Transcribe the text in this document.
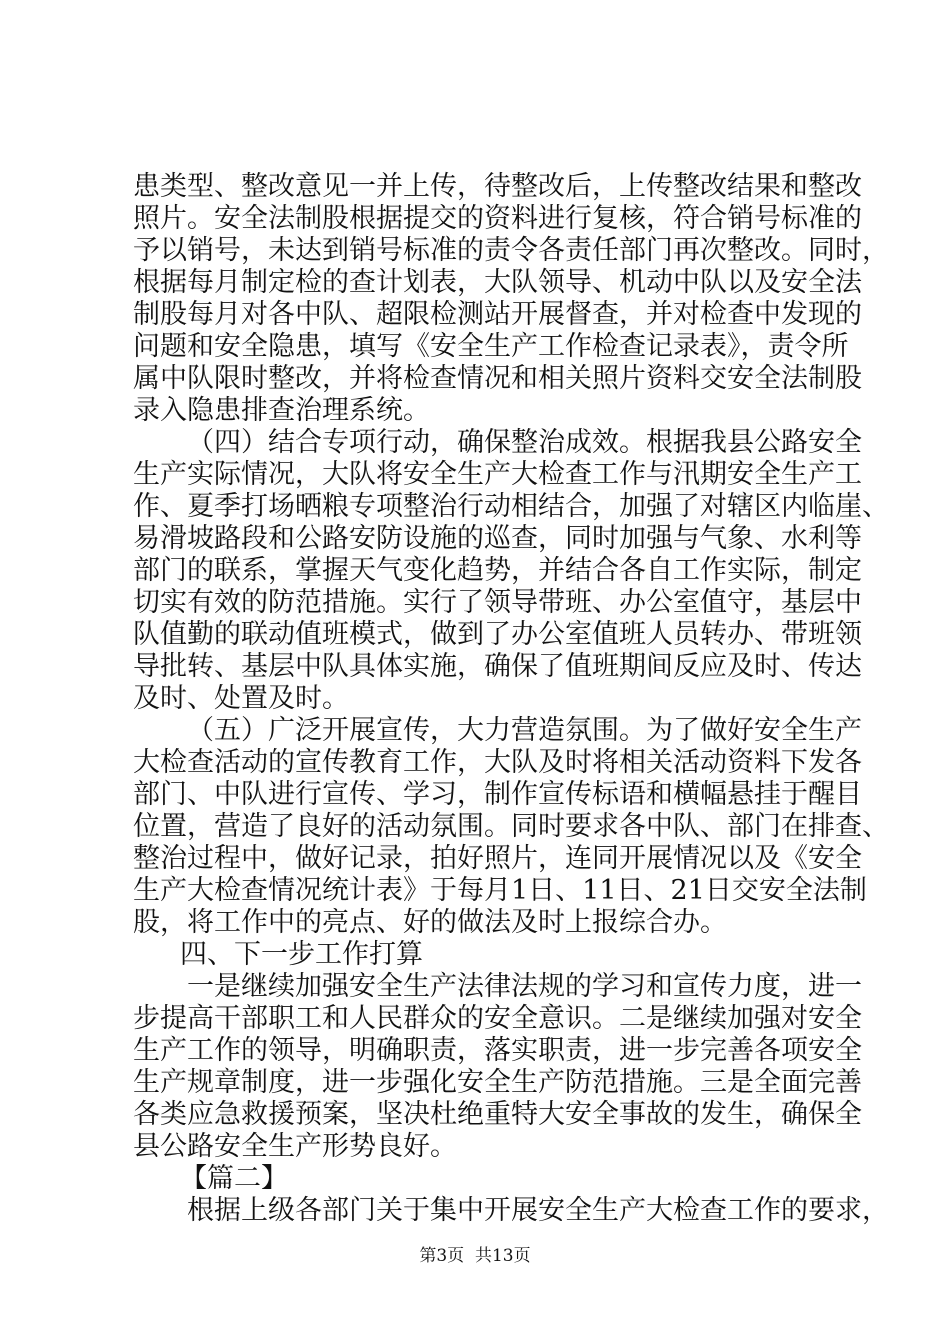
患类型、整改意见一并上传，待整改后，上传整改结果和整改

照片。安全法制股根据提交的资料进行复核，符合销号标准的

予以销号，未达到销号标准的责令各责任部门再次整改。同时，

根据每月制定检的查计划表，大队领导、机动中队以及安全法

制股每月对各中队、超限检测站开展督查，并对检查中发现的

问题和安全隐患，填写《安全生产工作检查记录表》，责令所

属中队限时整改，并将检查情况和相关照片资料交安全法制股

录入隐患排查治理系统。

（四）结合专项行动，确保整治成效。根据我县公路安全

生产实际情况，大队将安全生产大检查工作与汛期安全生产工

作、夏季打场晒粮专项整治行动相结合，加强了对辖区内临崖、

易滑坡路段和公路安防设施的巡查，同时加强与气象、水利等

部门的联系，掌握天气变化趋势，并结合各自工作实际，制定

切实有效的防范措施。实行了领导带班、办公室值守，基层中

队值勤的联动值班模式，做到了办公室值班人员转办、带班领

导批转、基层中队具体实施，确保了值班期间反应及时、传达

及时、处置及时。

（五）广泛开展宣传，大力营造氛围。为了做好安全生产

大检查活动的宣传教育工作，大队及时将相关活动资料下发各

部门、中队进行宣传、学习，制作宣传标语和横幅悬挂于醒目

位置，营造了良好的活动氛围。同时要求各中队、部门在排查、

整治过程中，做好记录，拍好照片，连同开展情况以及《安全

生产大检查情况统计表》于每月1日、11日、21日交安全法制

股，将工作中的亮点、好的做法及时上报综合办。

四、下一步工作打算

一是继续加强安全生产法律法规的学习和宣传力度，进一

步提高干部职工和人民群众的安全意识。二是继续加强对安全

生产工作的领导，明确职责，落实职责，进一步完善各项安全

生产规章制度，进一步强化安全生产防范措施。三是全面完善

各类应急救援预案，坚决杜绝重特大安全事故的发生，确保全

县公路安全生产形势良好。

【篇二】

根据上级各部门关于集中开展安全生产大检查工作的要求，

第3页  共13页
